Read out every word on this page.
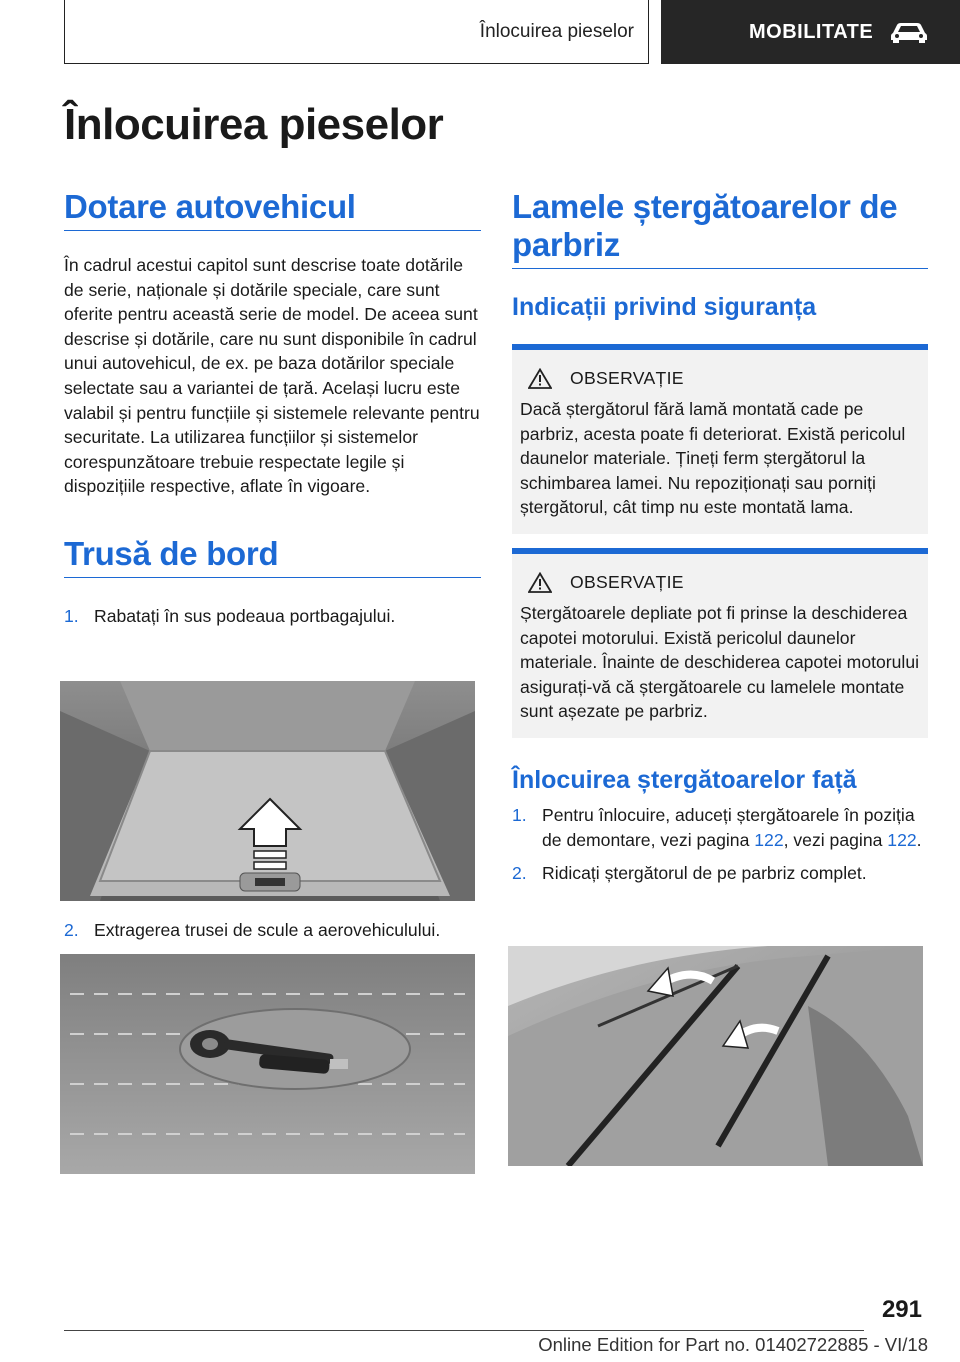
Înlocuirea pieselor	MOBILITATE
Înlocuirea pieselor
Dotare autovehicul

În cadrul acestui capitol sunt descrise toate dotările de serie, naționale și dotările speciale, care sunt oferite pentru această serie de model. De aceea sunt descrise și dotările, care nu sunt disponibile în cadrul unui autovehicul, de ex. pe baza dotărilor speciale selectate sau a variantei de țară. Același lucru este valabil și pentru funcțiile și sistemele relevante pentru securitate. La utilizarea funcțiilor și sistemelor corespunzătoare trebuie respectate legile și dispozițiile respective, aflate în vigoare.

Trusă de bord
1. Rabatați în sus podeaua portbagajului.
2. Extragerea trusei de scule a aerovehiculului.
Lamele ștergătoarelor de parbriz
Indicații privind siguranța
OBSERVAȚIE

Dacă ștergătorul fără lamă montată cade pe parbriz, acesta poate fi deteriorat. Există pericolul daunelor materiale. Țineți ferm ștergătorul la schimbarea lamei. Nu repoziționați sau porniți ștergătorul, cât timp nu este montată lama.

OBSERVAȚIE

Ștergătoarele depliate pot fi prinse la deschiderea capotei motorului. Există pericolul daunelor materiale. Înainte de deschiderea capotei motorului asigurați-vă că ștergătoarele cu lamelele montate sunt așezate pe parbriz.

Înlocuirea ștergătoarelor față
1. Pentru înlocuire, aduceți ștergătoarele în poziția de demontare, vezi pagina 122, vezi pagina 122.
2. Ridicați ștergătorul de pe parbriz complet.
291
Online Edition for Part no. 01402722885 - VI/18
